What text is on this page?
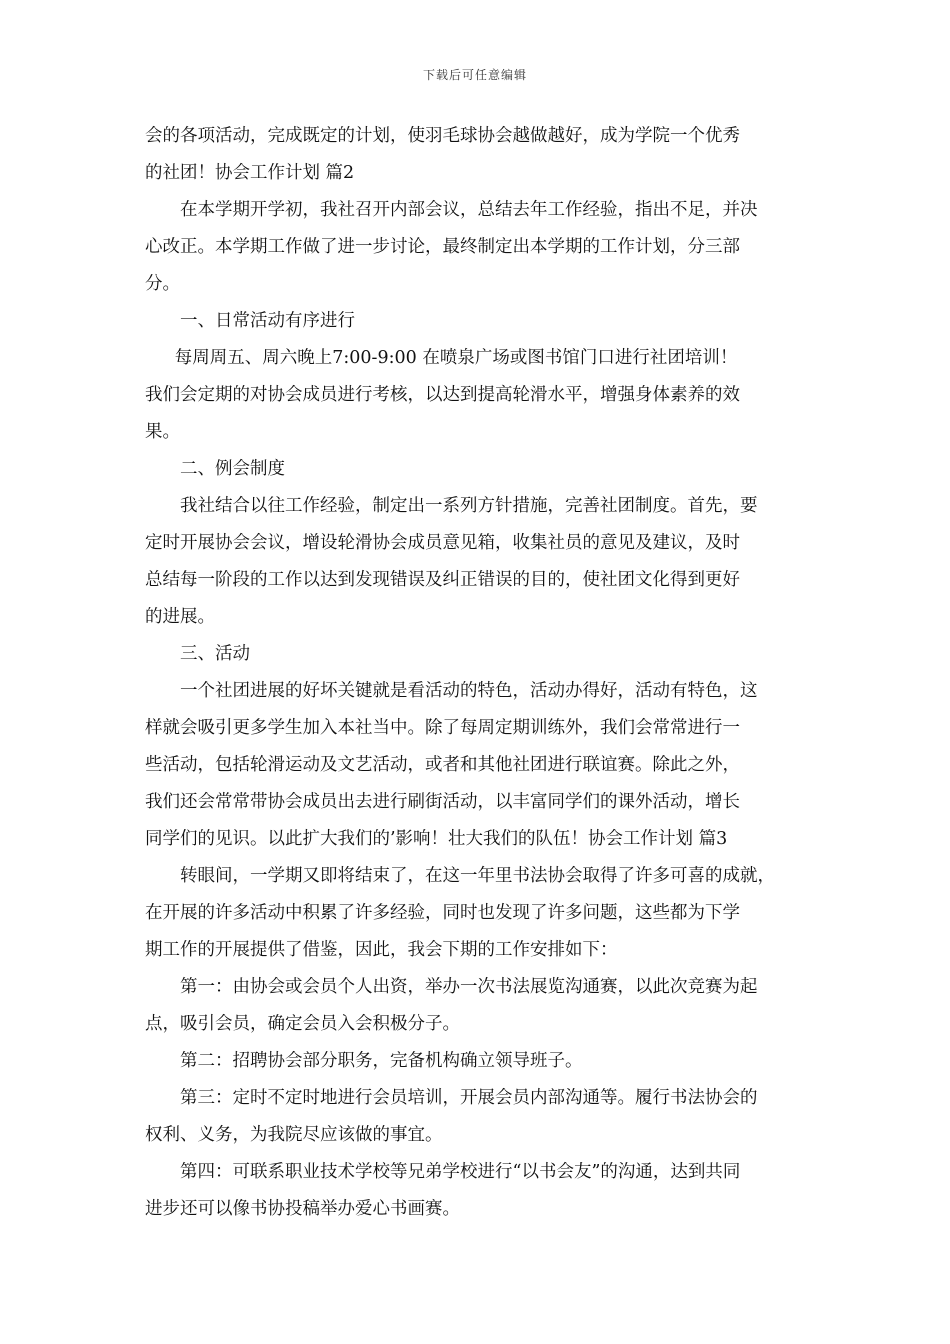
下载后可任意编辑
会的各项活动，完成既定的计划，使羽毛球协会越做越好，成为学院一个优秀
的社团！协会工作计划 篇2
在本学期开学初，我社召开内部会议，总结去年工作经验，指出不足，并决
心改正。本学期工作做了进一步讨论，最终制定出本学期的工作计划，分三部
分。
一、日常活动有序进行
每周周五、周六晚上7:00-9:00 在喷泉广场或图书馆门口进行社团培训！
我们会定期的对协会成员进行考核，以达到提高轮滑水平，增强身体素养的效
果。
二、例会制度
我社结合以往工作经验，制定出一系列方针措施，完善社团制度。首先，要
定时开展协会会议，增设轮滑协会成员意见箱，收集社员的意见及建议，及时
总结每一阶段的工作以达到发现错误及纠正错误的目的，使社团文化得到更好
的进展。
三、活动
一个社团进展的好坏关键就是看活动的特色，活动办得好，活动有特色，这
样就会吸引更多学生加入本社当中。除了每周定期训练外，我们会常常进行一
些活动，包括轮滑运动及文艺活动，或者和其他社团进行联谊赛。除此之外，
我们还会常常带协会成员出去进行刷街活动，以丰富同学们的课外活动，增长
同学们的见识。以此扩大我们的’影响！壮大我们的队伍！协会工作计划 篇3
转眼间，一学期又即将结束了，在这一年里书法协会取得了许多可喜的成就，
在开展的许多活动中积累了许多经验，同时也发现了许多问题，这些都为下学
期工作的开展提供了借鉴，因此，我会下期的工作安排如下：
第一：由协会或会员个人出资，举办一次书法展览沟通赛，以此次竞赛为起
点，吸引会员，确定会员入会积极分子。
第二：招聘协会部分职务，完备机构确立领导班子。
第三：定时不定时地进行会员培训，开展会员内部沟通等。履行书法协会的
权利、义务，为我院尽应该做的事宜。
第四：可联系职业技术学校等兄弟学校进行“以书会友”的沟通，达到共同
进步还可以像书协投稿举办爱心书画赛。
